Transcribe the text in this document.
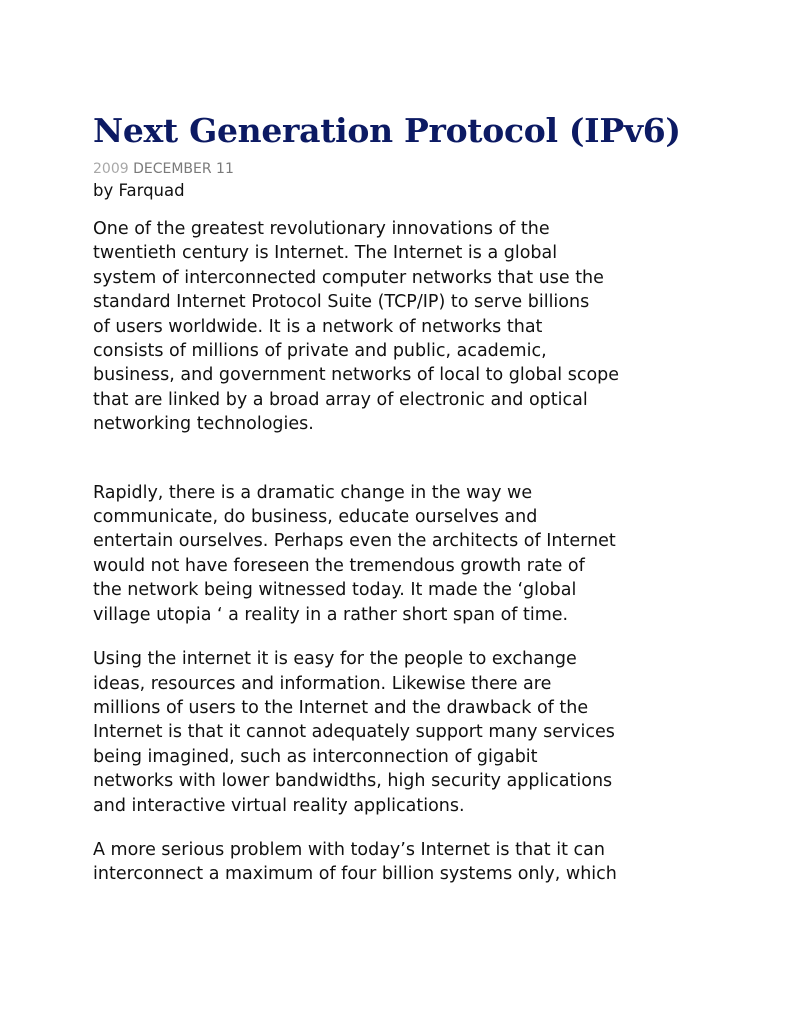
Next Generation Protocol (IPv6)
2009 DECEMBER 11
by Farquad

One of the greatest revolutionary innovations of the
twentieth century is Internet. The Internet is a global
system of interconnected computer networks that use the
standard Internet Protocol Suite (TCP/IP) to serve billions
of users worldwide. It is a network of networks that
consists of millions of private and public, academic,
business, and government networks of local to global scope
that are linked by a broad array of electronic and optical
networking technologies.

Rapidly, there is a dramatic change in the way we
communicate, do business, educate ourselves and
entertain ourselves. Perhaps even the architects of Internet
would not have foreseen the tremendous growth rate of
the network being witnessed today. It made the ‘global
village utopia ‘ a reality in a rather short span of time.

Using the internet it is easy for the people to exchange
ideas, resources and information. Likewise there are
millions of users to the Internet and the drawback of the
Internet is that it cannot adequately support many services
being imagined, such as interconnection of gigabit
networks with lower bandwidths, high security applications
and interactive virtual reality applications.

A more serious problem with today’s Internet is that it can
interconnect a maximum of four billion systems only, which
